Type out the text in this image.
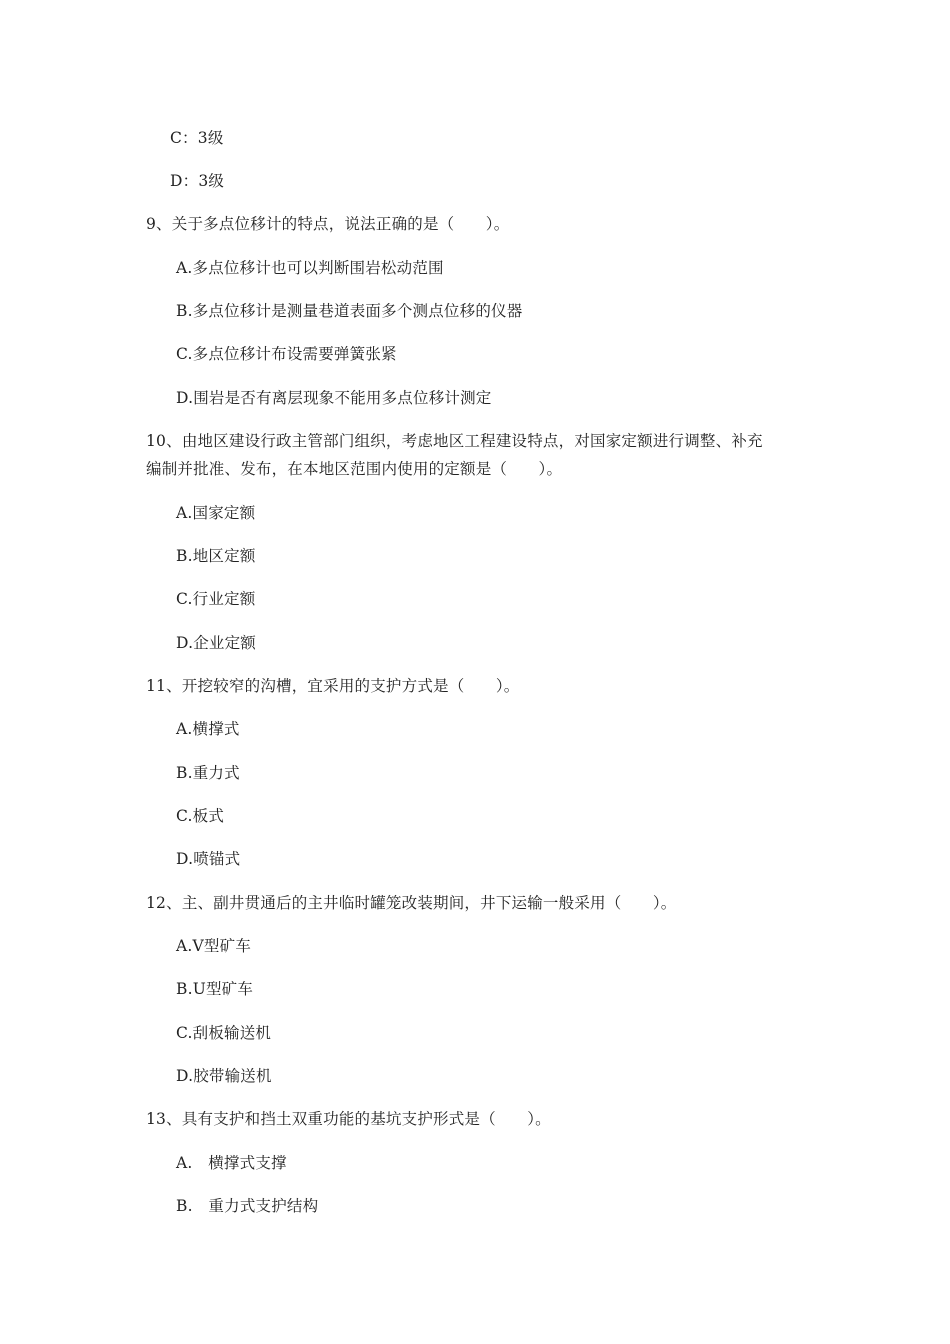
C：3级
D：3级
9、关于多点位移计的特点，说法正确的是（　　）。
A.多点位移计也可以判断围岩松动范围
B.多点位移计是测量巷道表面多个测点位移的仪器
C.多点位移计布设需要弹簧张紧
D.围岩是否有离层现象不能用多点位移计测定
10、由地区建设行政主管部门组织，考虑地区工程建设特点，对国家定额进行调整、补充
编制并批准、发布，在本地区范围内使用的定额是（　　）。
A.国家定额
B.地区定额
C.行业定额
D.企业定额
11、开挖较窄的沟槽，宜采用的支护方式是（　　）。
A.横撑式
B.重力式
C.板式
D.喷锚式
12、主、副井贯通后的主井临时罐笼改装期间，井下运输一般采用（　　）。
A.V型矿车
B.U型矿车
C.刮板输送机
D.胶带输送机
13、具有支护和挡土双重功能的基坑支护形式是（　　）。
A.　横撑式支撑
B.　重力式支护结构
